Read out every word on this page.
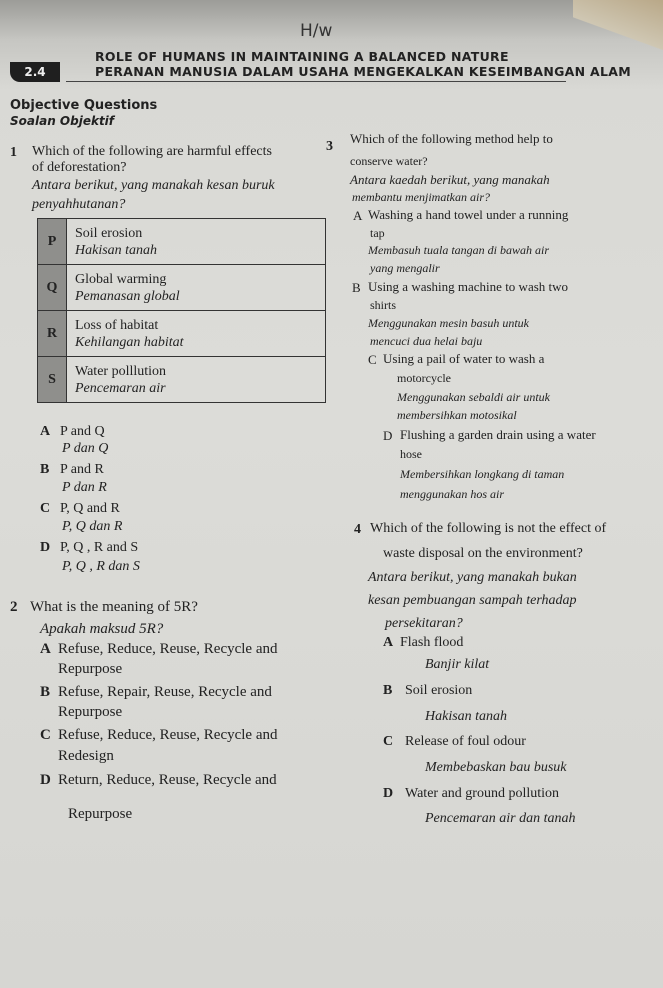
H/w
2.4
ROLE OF HUMANS IN MAINTAINING A BALANCED NATURE
PERANAN MANUSIA DALAM USAHA MENGEKALKAN KESEIMBANGAN ALAM
Objective Questions
Soalan Objektif
1 Which of the following are harmful effects
of deforestation?
Antara berikut, yang manakah kesan buruk
penyahhutanan?
P	Soil erosion
Hakisan tanah
Q	Global warming
Pemanasan global
R	Loss of habitat
Kehilangan habitat
S	Water polllution
Pencemaran air
A P and Q
P dan Q
B P and R
P dan R
C P, Q and R
P, Q dan R
D P, Q , R and S
P, Q , R dan S
2 What is the meaning of 5R?
Apakah maksud 5R?
A Refuse, Reduce, Reuse, Recycle and
Repurpose
B Refuse, Repair, Reuse, Recycle and
Repurpose
C Refuse, Reduce, Reuse, Recycle and
Redesign
D Return, Reduce, Reuse, Recycle and
Repurpose
3
Which of the following method help to
conserve water?
Antara kaedah berikut, yang manakah
membantu menjimatkan air?
A Washing a hand towel under a running
tap
Membasuh tuala tangan di bawah air
yang mengalir
B Using a washing machine to wash two
shirts
Menggunakan mesin basuh untuk
mencuci dua helai baju
C Using a pail of water to wash a
motorcycle
Menggunakan sebaldi air untuk
membersihkan motosikal
D Flushing a garden drain using a water
hose
Membersihkan longkang di taman
menggunakan hos air
4 Which of the following is not the effect of
waste disposal on the environment?
Antara berikut, yang manakah bukan
kesan pembuangan sampah terhadap
persekitaran?
A Flash flood
Banjir kilat
B Soil erosion
Hakisan tanah
C Release of foul odour
Membebaskan bau busuk
D Water and ground pollution
Pencemaran air dan tanah
